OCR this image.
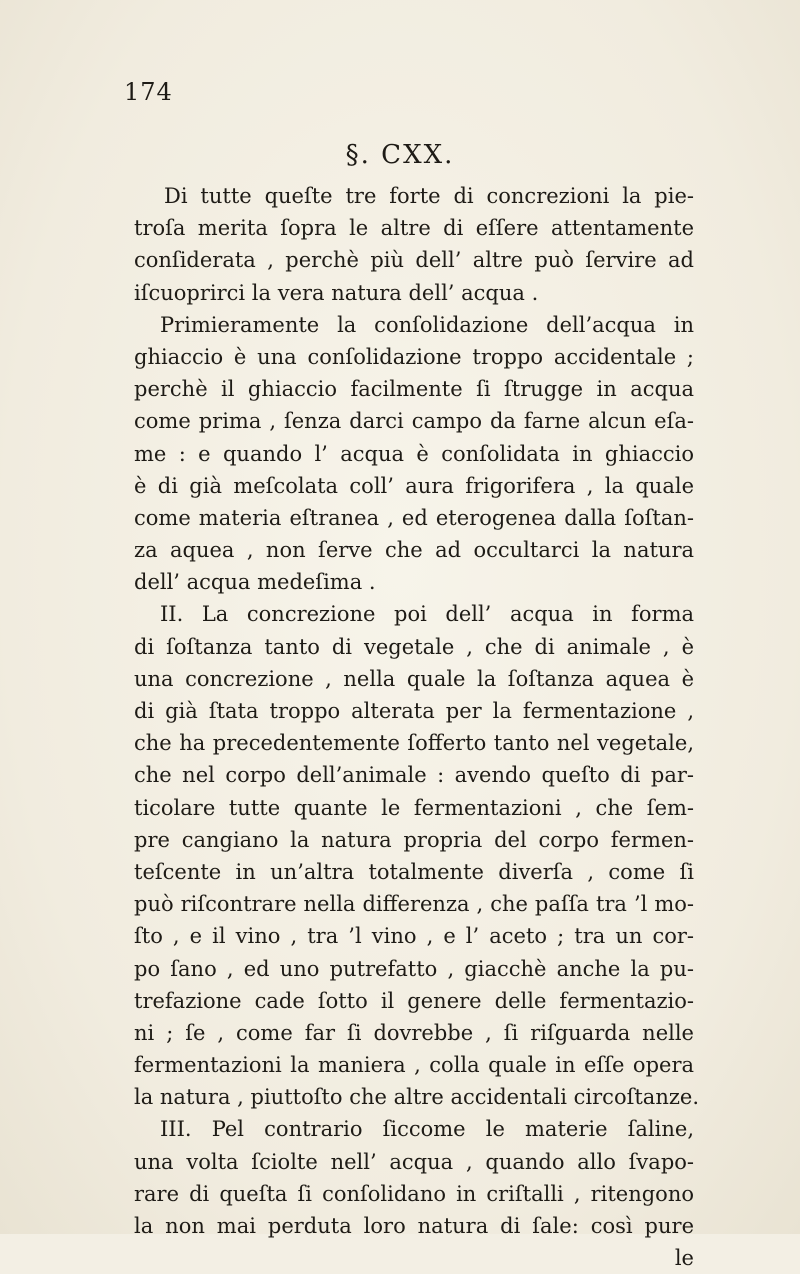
174
§. CXX.
Di tutte queſte tre forte di concrezioni la pie-
troſa merita ſopra le altre di eſſere attentamente
conſiderata , perchè più dell’ altre può ſervire ad
iſcuoprirci la vera natura dell’ acqua .
Primieramente la conſolidazione dell’acqua in
ghiaccio è una conſolidazione troppo accidentale ;
perchè il ghiaccio facilmente ſi ſtrugge in acqua
come prima , ſenza darci campo da farne alcun eſa-
me : e quando l’ acqua è conſolidata in ghiaccio
è di già meſcolata coll’ aura frigorifera , la quale
come materia eſtranea , ed eterogenea dalla ſoſtan-
za aquea , non ſerve che ad occultarci la natura
dell’ acqua medeſima .
II. La concrezione poi dell’ acqua in forma
di ſoſtanza tanto di vegetale , che di animale , è
una concrezione , nella quale la ſoſtanza aquea è
di già ſtata troppo alterata per la fermentazione ,
che ha precedentemente ſofferto tanto nel vegetale,
che nel corpo dell’animale : avendo queſto di par-
ticolare tutte quante le fermentazioni , che ſem-
pre cangiano la natura propria del corpo fermen-
teſcente in un’altra totalmente diverſa , come ſi
può riſcontrare nella differenza , che paſſa tra ’l mo-
ſto , e il vino , tra ’l vino , e l’ aceto ; tra un cor-
po ſano , ed uno putrefatto , giacchè anche la pu-
trefazione cade ſotto il genere delle fermentazio-
ni ; ſe , come far ſi dovrebbe , ſi riſguarda nelle
fermentazioni la maniera , colla quale in eſſe opera
la natura , piuttoſto che altre accidentali circoſtanze.
III. Pel contrario ſiccome le materie ſaline,
una volta ſciolte nell’ acqua , quando allo ſvapo-
rare di queſta ſi conſolidano in criſtalli , ritengono
la non mai perduta loro natura di ſale: così pure
le
